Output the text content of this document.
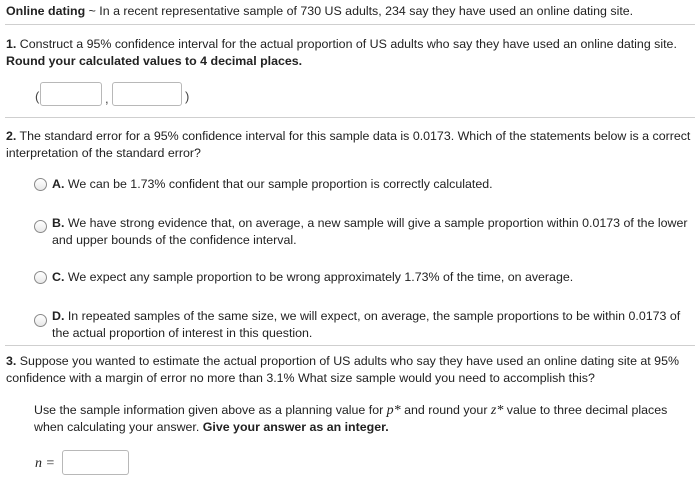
Online dating ~ In a recent representative sample of 730 US adults, 234 say they have used an online dating site.
1. Construct a 95% confidence interval for the actual proportion of US adults who say they have used an online dating site.
Round your calculated values to 4 decimal places.
(	,	)
2. The standard error for a 95% confidence interval for this sample data is 0.0173. Which of the statements below is a correct interpretation of the standard error?
A. We can be 1.73% confident that our sample proportion is correctly calculated.
B. We have strong evidence that, on average, a new sample will give a sample proportion within 0.0173 of the lower and upper bounds of the confidence interval.
C. We expect any sample proportion to be wrong approximately 1.73% of the time, on average.
D. In repeated samples of the same size, we will expect, on average, the sample proportions to be within 0.0173 of the actual proportion of interest in this question.
3. Suppose you wanted to estimate the actual proportion of US adults who say they have used an online dating site at 95% confidence with a margin of error no more than 3.1% What size sample would you need to accomplish this?
Use the sample information given above as a planning value for p* and round your z* value to three decimal places when calculating your answer. Give your answer as an integer.
n =
